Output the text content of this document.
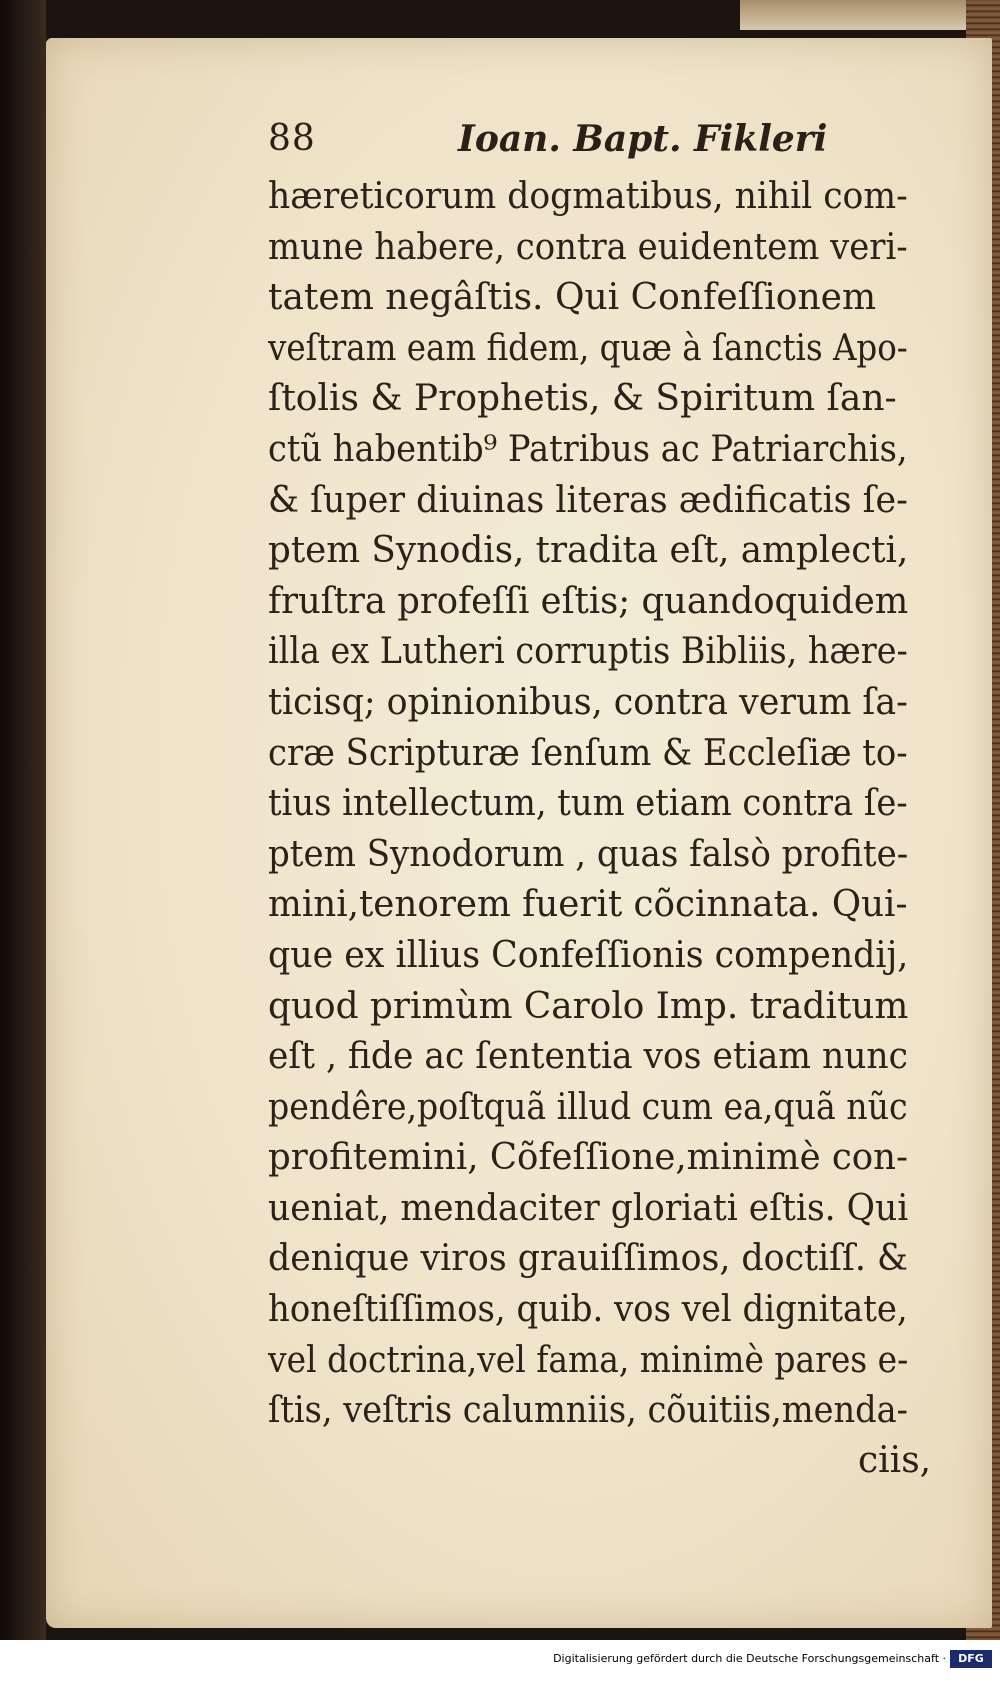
88	Ioan. Bapt. Fikleri
hæreticorum dogmatibus, nihil com-
mune habere, contra euidentem veri-
tatem negâſtis. Qui Confeſſionem
veſtram eam fidem, quæ à ſanctis Apo-
ſtolis & Prophetis, & Spiritum ſan-
ctũ habentib⁹ Patribus ac Patriarchis,
& ſuper diuinas literas ædificatis ſe-
ptem Synodis, tradita eſt, amplecti,
fruſtra profeſſi eſtis; quandoquidem
illa ex Lutheri corruptis Bibliis, hære-
ticisq; opinionibus, contra verum ſa-
cræ Scripturæ ſenſum & Eccleſiæ to-
tius intellectum, tum etiam contra ſe-
ptem Synodorum , quas falsò profite-
mini,tenorem fuerit cõcinnata. Qui-
que ex illius Confeſſionis compendij,
quod primùm Carolo Imp. traditum
eſt , fide ac ſententia vos etiam nunc
pendêre,poſtquã illud cum ea,quã nũc
profitemini, Cõfeſſione,minimè con-
ueniat, mendaciter gloriati eſtis. Qui
denique viros grauiſſimos, doctiſſ. &
honeſtiſſimos, quib. vos vel dignitate,
vel doctrina,vel fama, minimè pares e-
ſtis, veſtris calumniis, cõuitiis,menda-
ciis,
Digitalisierung gefördert durch die Deutsche Forschungsgemeinschaft ·	DFG
